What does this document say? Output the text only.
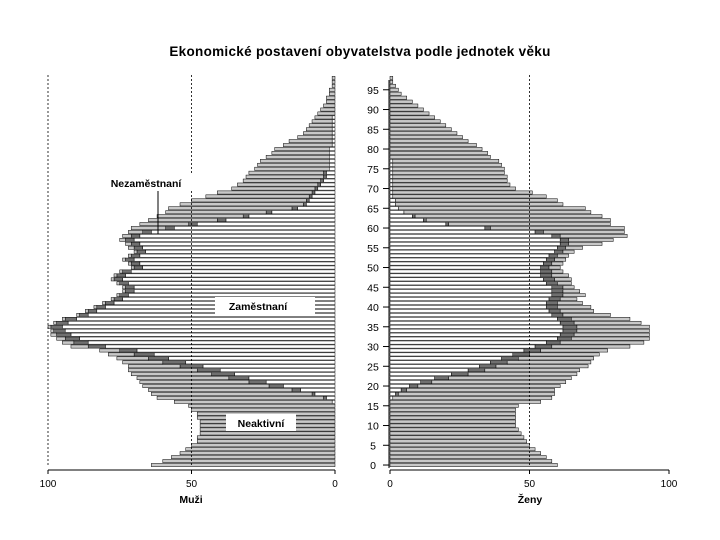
Ekonomické postavení obyvatelstva podle jednotek věku
100	50	0	0	50	100
Muži	Ženy
0
5
10
15
20
25
30
35
40
45
50
55
60
65
70
75
80
85
90
95
Nezaměstnaní
Zaměstnaní
Neaktivní
